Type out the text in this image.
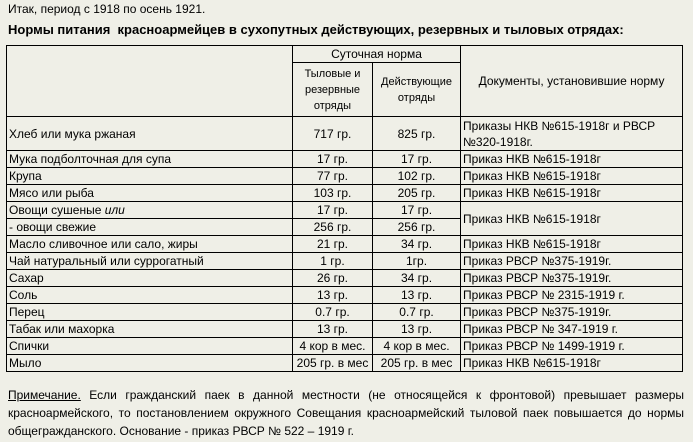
Итак, период с 1918 по осень 1921.
Нормы питания  красноармейцев в сухопутных действующих, резервных и тыловых отрядах:
	Суточная норма		Документы, установившие норму
	Тыловые и резервные отряды	Действующие отряды	
Хлеб или мука ржаная	717 гр.	825 гр.	Приказы НКВ №615-1918г и РВСР №320-1918г.
Мука подболточная для супа	17 гр.	17 гр.	Приказ НКВ №615-1918г
Крупа	77 гр.	102 гр.	Приказ НКВ №615-1918г
Мясо или рыба	103 гр.	205 гр.	Приказ НКВ №615-1918г
Овощи сушеные или	17 гр.	17 гр.	Приказ НКВ №615-1918г
- овощи свежие	256 гр.	256 гр.	
Масло сливочное или сало, жиры	21 гр.	34 гр.	Приказ НКВ №615-1918г
Чай натуральный или суррогатный	1 гр.	1гр.	Приказ РВСР №375-1919г.
Сахар	26 гр.	34 гр.	Приказ РВСР №375-1919г.
Соль	13 гр.	13 гр.	Приказ РВСР № 2315-1919 г.
Перец	0.7 гр.	0.7 гр.	Приказ РВСР №375-1919г.
Табак или махорка	13 гр.	13 гр.	Приказ РВСР № 347-1919 г.
Спички	4 кор в мес.	4 кор в мес.	Приказ РВСР № 1499-1919 г.
Мыло	205 гр. в мес	205 гр. в мес	Приказ НКВ №615-1918г
Примечание. Если гражданский паек в данной местности (не относящейся к фронтовой) превышает размеры красноармейского, то постановлением окружного Совещания красноармейский тыловой паек повышается до нормы общегражданского. Основание - приказ РВСР № 522 – 1919 г.
